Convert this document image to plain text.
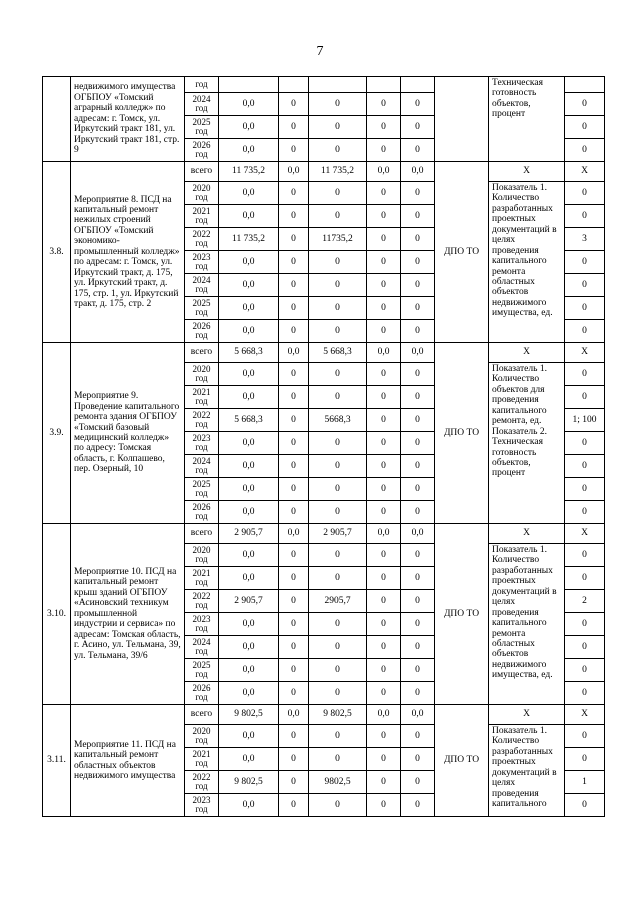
7
	недвижимого имущества ОГБПОУ «Томский аграрный колледж» по адресам: г. Томск, ул. Иркутский тракт 181, ул. Иркутский тракт 181, стр. 9	год							Техническая готовность объектов, процент	
		2024 год	0,0	0	0	0	0			0
		2025 год	0,0	0	0	0	0			0
		2026 год	0,0	0	0	0	0			0
3.8.	Мероприятие 8. ПСД на капитальный ремонт нежилых строений ОГБПОУ «Томский экономико-промышленный колледж» по адресам: г. Томск, ул. Иркутский тракт, д. 175, ул. Иркутский тракт, д. 175, стр. 1, ул. Иркутский тракт, д. 175, стр. 2	всего	11 735,2	0,0	11 735,2	0,0	0,0	ДПО ТО	Х	Х
		2020 год	0,0	0	0	0	0		Показатель 1. Количество разработанных проектных документаций в целях проведения капитального ремонта областных объектов недвижимого имущества, ед.	0
		2021 год	0,0	0	0	0	0			0
		2022 год	11 735,2	0	11735,2	0	0			3
		2023 год	0,0	0	0	0	0			0
		2024 год	0,0	0	0	0	0			0
		2025 год	0,0	0	0	0	0			0
		2026 год	0,0	0	0	0	0			0
3.9.	Мероприятие 9. Проведение капитального ремонта здания ОГБПОУ «Томский базовый медицинский колледж» по адресу: Томская область, г. Колпашево, пер. Озерный, 10	всего	5 668,3	0,0	5 668,3	0,0	0,0	ДПО ТО	Х	Х
		2020 год	0,0	0	0	0	0		Показатель 1. Количество объектов для проведения капитального ремонта, ед. Показатель 2. Техническая готовность объектов, процент	0
		2021 год	0,0	0	0	0	0			0
		2022 год	5 668,3	0	5668,3	0	0			1; 100
		2023 год	0,0	0	0	0	0			0
		2024 год	0,0	0	0	0	0			0
		2025 год	0,0	0	0	0	0			0
		2026 год	0,0	0	0	0	0			0
3.10.	Мероприятие 10. ПСД на капитальный ремонт крыш зданий ОГБПОУ «Асиновский техникум промышленной индустрии и сервиса» по адресам: Томская область, г. Асино, ул. Тельмана, 39, ул. Тельмана, 39/6	всего	2 905,7	0,0	2 905,7	0,0	0,0	ДПО ТО	Х	Х
		2020 год	0,0	0	0	0	0		Показатель 1. Количество разработанных проектных документаций в целях проведения капитального ремонта областных объектов недвижимого имущества, ед.	0
		2021 год	0,0	0	0	0	0			0
		2022 год	2 905,7	0	2905,7	0	0			2
		2023 год	0,0	0	0	0	0			0
		2024 год	0,0	0	0	0	0			0
		2025 год	0,0	0	0	0	0			0
		2026 год	0,0	0	0	0	0			0
3.11.	Мероприятие 11. ПСД на капитальный ремонт областных объектов недвижимого имущества	всего	9 802,5	0,0	9 802,5	0,0	0,0	ДПО ТО	Х	Х
		2020 год	0,0	0	0	0	0		Показатель 1. Количество разработанных проектных документаций в целях проведения капитального	0
		2021 год	0,0	0	0	0	0			0
		2022 год	9 802,5	0	9802,5	0	0			1
		2023 год	0,0	0	0	0	0			0
